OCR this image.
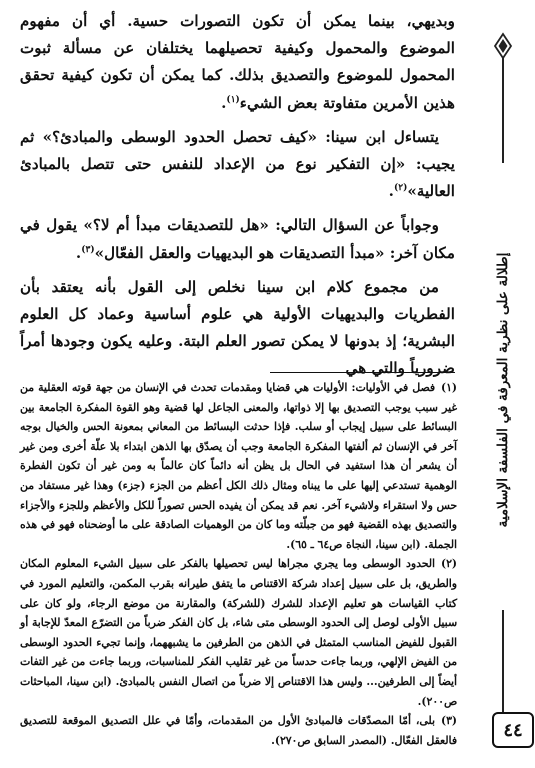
وبديهي، بينما يمكن أن تكون التصورات حسية. أي أن مفهوم الموضوع والمحمول وكيفية تحصيلهما يختلفان عن مسألة ثبوت المحمول للموضوع والتصديق بذلك. كما يمكن أن تكون كيفية تحقق هذين الأمرين متفاوتة بعض الشيء$^{(١)}$.

يتساءل ابن سينا: «كيف تحصل الحدود الوسطى والمبادئ؟» ثم يجيب: «إن التفكير نوع من الإعداد للنفس حتى تتصل بالمبادئ العالية»$^{(٢)}$.

وجواباً عن السؤال التالي: «هل للتصديقات مبدأ أم لا؟» يقول في مكان آخر: «مبدأ التصديقات هو البديهيات والعقل الفعّال»$^{(٣)}$.

من مجموع كلام ابن سينا نخلص إلى القول بأنه يعتقد بأن الفطريات والبديهيات الأولية هي علوم أساسية وعماد كل العلوم البشرية؛ إذ بدونها لا يمكن تصور العلم البتة. وعليه يكون وجودها أمراً ضرورياً والتي هي

(١)فصل في الأوليات: الأوليات هي قضايا ومقدمات تحدث في الإنسان من جهة قوته العقلية من غير سبب يوجب التصديق بها إلا ذواتها، والمعنى الجاعل لها قضية وهو القوة المفكرة الجامعة بين البسائط على سبيل إيجاب أو سلب. فإذا حدثت البسائط من المعاني بمعونة الحس والخيال بوجه آخر في الإنسان ثم ألفتها المفكرة الجامعة وجب أن يصدّق بها الذهن ابتداء بلا علّة أخرى ومن غير أن يشعر أن هذا استفيد في الحال بل يظن أنه دائماً كان عالماً به ومن غير أن تكون الفطرة الوهمية تستدعي إليها على ما يبناه ومثال ذلك الكل أعظم من الجزء (جزء) وهذا غير مستفاد من حس ولا استقراء ولاشيء آخر. نعم قد يمكن أن يفيده الحس تصوراً للكل والأعظم وللجزء والأجزاء والتصديق بهذه القضية فهو من جبلّته وما كان من الوهميات الصادقة على ما أوضحناه فهو في هذه الجملة. (ابن سينا، النجاة ص٦٤ ـ ٦٥).

(٢)الحدود الوسطى وما يجري مجراها ليس تحصيلها بالفكر على سبيل الشيء المعلوم المكان والطريق، بل على سبيل إعداد شركة الاقتناص ما يتفق طيرانه بقرب المكمن، والتعليم المورد في كتاب القياسات هو تعليم الإعداد للشرك (للشركة) والمقارنة من موضع الرجاء، ولو كان على سبيل الأولى لوصل إلى الحدود الوسطى متى شاء، بل كان الفكر ضرباً من التضرّع المعدّ للإجابة أو القبول للفيض المناسب المتمثل في الذهن من الطرفين ما يشبههما، وإنما تجيء الحدود الوسطى من الفيض الإلهي، وربما جاءت حدساً من غير تقليب الفكر للمناسبات، وربما جاءت من غير التفات أيضاً إلى الطرفين... وليس هذا الاقتناص إلا ضرباً من اتصال النفس بالمبادئ. (ابن سينا، المباحثات ص٢٠٠).

(٣)بلى، أمّا المصدّقات فالمبادئ الأول من المقدمات، وأمّا في علل التصديق الموقعة للتصديق فالعقل الفعّال. (المصدر السابق ص٢٧٠).

إطلالة على نظرية المعرفة في الفلسفة الإسلامية
٤٤
